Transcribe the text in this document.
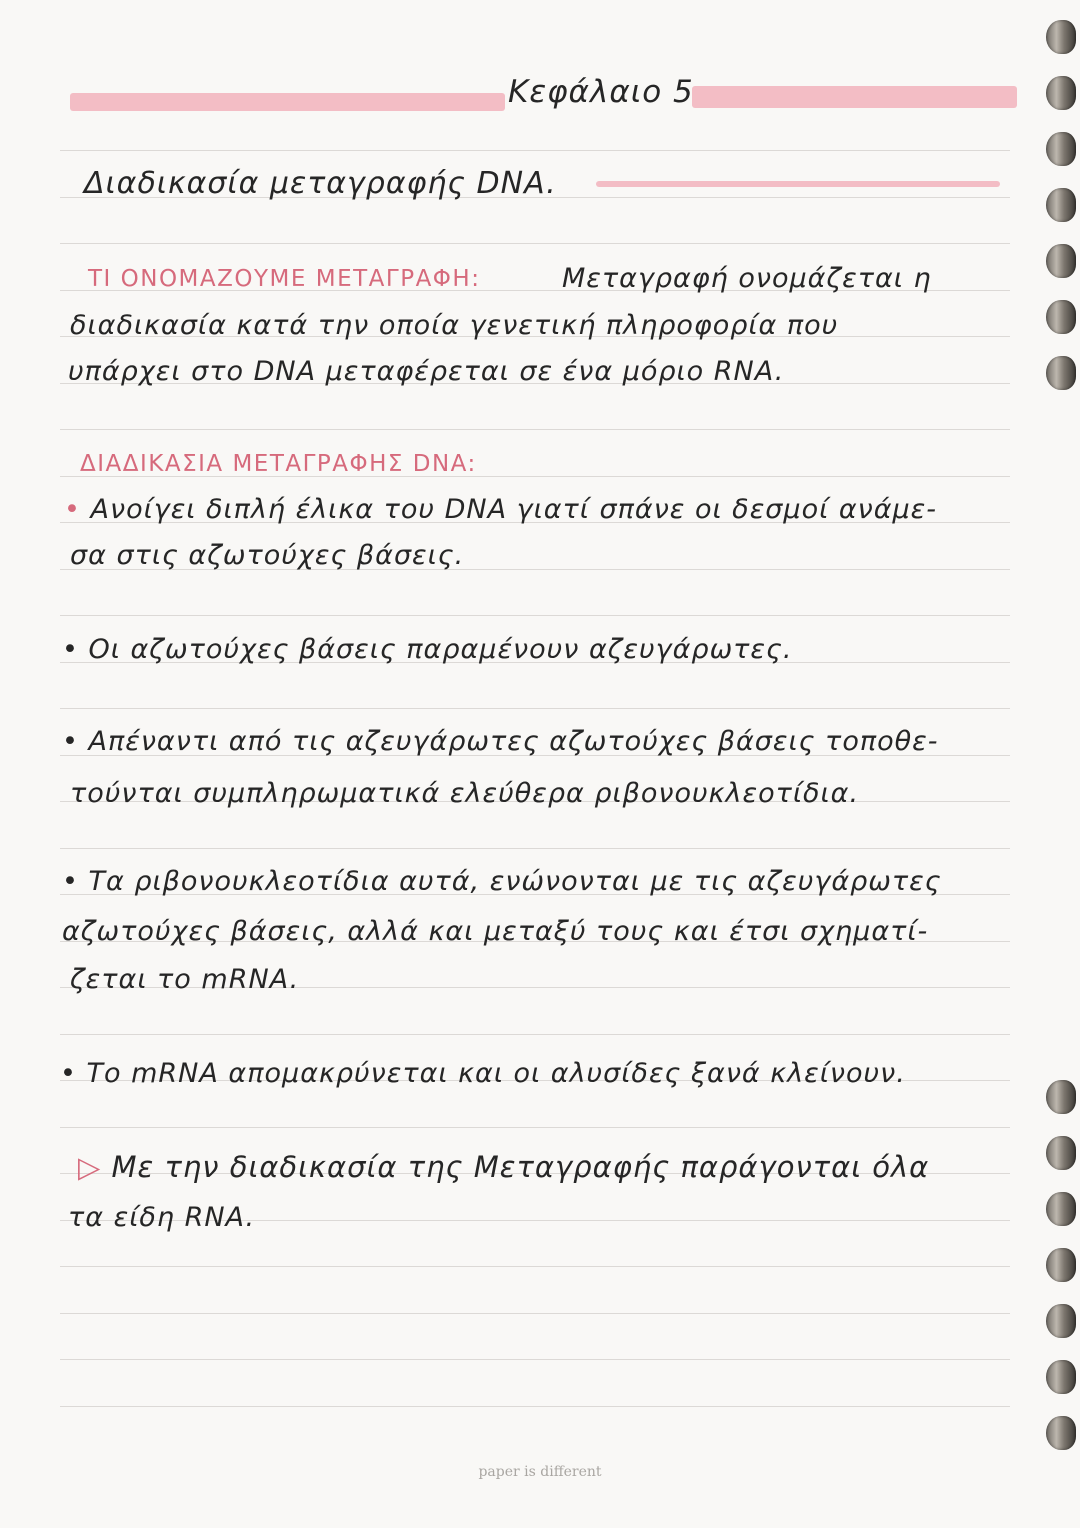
Κεφάλαιο 5
Διαδικασία μεταγραφής DNA.
ΤΙ ΟΝΟΜΑΖΟΥΜΕ ΜΕΤΑΓΡΑΦΗ:	Μεταγραφή ονομάζεται η
διαδικασία κατά την οποία γενετική πληροφορία που
υπάρχει στο DNA μεταφέρεται σε ένα μόριο RNA.
ΔΙΑΔΙΚΑΣΙΑ ΜΕΤΑΓΡΑΦΗΣ DNA:
• Ανοίγει διπλή έλικα του DNA γιατί σπάνε οι δεσμοί ανάμε-
σα στις αζωτούχες βάσεις.
• Οι αζωτούχες βάσεις παραμένουν αζευγάρωτες.
• Απέναντι από τις αζευγάρωτες αζωτούχες βάσεις τοποθε-
τούνται συμπληρωματικά ελεύθερα ριβονουκλεοτίδια.
• Τα ριβονουκλεοτίδια αυτά, ενώνονται με τις αζευγάρωτες
αζωτούχες βάσεις, αλλά και μεταξύ τους και έτσι σχηματί-
ζεται το mRNA.
• Το mRNA απομακρύνεται και οι αλυσίδες ξανά κλείνουν.
▷ Με την διαδικασία της Μεταγραφής παράγονται όλα
τα είδη RNA.
paper is different
